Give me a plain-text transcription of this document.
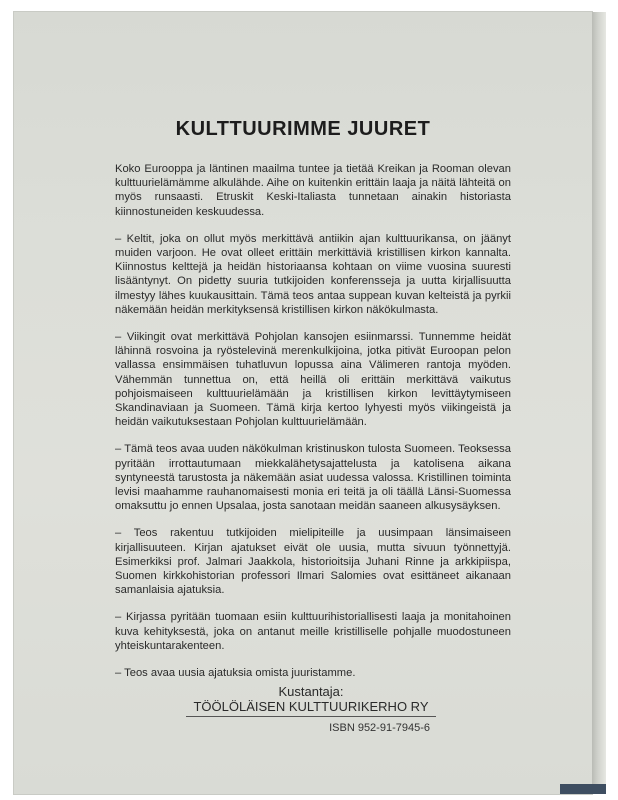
KULTTUURIMME JUURET

Koko Eurooppa ja läntinen maailma tuntee ja tietää Kreikan ja Rooman olevan kulttuurielämämme alkulähde. Aihe on kuitenkin erittäin laaja ja näitä lähteitä on myös runsaasti. Etruskit Keski-Italiasta tunnetaan ainakin historiasta kiinnostuneiden keskuudessa.

– Keltit, joka on ollut myös merkittävä antiikin ajan kulttuurikansa, on jäänyt muiden varjoon. He ovat olleet erittäin merkittäviä kristillisen kirkon kannalta. Kiinnostus kelttejä ja heidän historiaansa kohtaan on viime vuosina suuresti lisääntynyt. On pidetty suuria tutkijoiden konferensseja ja uutta kirjallisuutta ilmestyy lähes kuukausittain. Tämä teos antaa suppean kuvan kelteistä ja pyrkii näkemään heidän merkityksensä kristillisen kirkon näkökulmasta.

– Viikingit ovat merkittävä Pohjolan kansojen esiinmarssi. Tunnemme heidät lähinnä rosvoina ja ryöstelevinä merenkulkijoina, jotka pitivät Euroopan pelon vallassa ensimmäisen tuhatluvun lopussa aina Välimeren rantoja myöden. Vähemmän tunnettua on, että heillä oli erittäin merkittävä vaikutus pohjoismaiseen kulttuurielämään ja kristillisen kirkon levittäytymiseen Skandinaviaan ja Suomeen. Tämä kirja kertoo lyhyesti myös viikingeistä ja heidän vaikutuksestaan Pohjolan kulttuurielämään.

– Tämä teos avaa uuden näkökulman kristinuskon tulosta Suomeen. Teoksessa pyritään irrottautumaan miekkalähetysajattelusta ja katolisena aikana syntyneestä tarustosta ja näkemään asiat uudessa valossa. Kristillinen toiminta levisi maahamme rauhanomaisesti monia eri teitä ja oli täällä Länsi-Suomessa omaksuttu jo ennen Upsalaa, josta sanotaan meidän saaneen alkusysäyksen.

– Teos rakentuu tutkijoiden mielipiteille ja uusimpaan länsimaiseen kirjallisuuteen. Kirjan ajatukset eivät ole uusia, mutta sivuun työnnettyjä. Esimerkiksi prof. Jalmari Jaakkola, historioitsija Juhani Rinne ja arkkipiispa, Suomen kirkkohistorian professori Ilmari Salomies ovat esittäneet aikanaan samanlaisia ajatuksia.

– Kirjassa pyritään tuomaan esiin kulttuurihistoriallisesti laaja ja monitahoinen kuva kehityksestä, joka on antanut meille kristilliselle pohjalle muodostuneen yhteiskuntarakenteen.

– Teos avaa uusia ajatuksia omista juuristamme.

Kustantaja:
TÖÖLÖLÄISEN KULTTUURIKERHO RY
ISBN 952-91-7945-6
